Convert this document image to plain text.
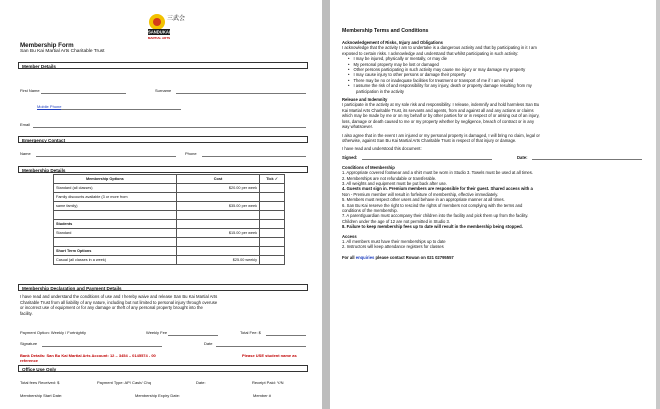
SANDUKAI
MARTIAL ARTS
三武会
Membership Form
San Bu Kai Martial Arts Charitable Trust
Member Details
First Name	Surname
Mobile Phone
Email
Emergency Contact
Name	Phone
Membership Details
Membership Options	Cost	Tick ✓
Standard (all classes)	$20.00 per week	
Family discounts available (3 or more from		
same family)	$35.00 per week	

Students		
Standard	$15.00 per week	

Short Term Options		
Casual (all classes in a week)	$25.00 weekly	
Membership Declaration and Payment Details
I have read and understand the conditions of use and I hereby waive and release San Bu Kai Martial Arts
Charitable Trust from all liability of any nature, including but not limited to personal injury through overuse
or incorrect use of equipment or for any damage or theft of any personal property brought into the
facility.
Payment Option: Weekly / Fortnightly	Weekly Fee	Total Fee: $
Signature	Date
Bank Details: San Bu Kai Martial Arts Account: 12 – 3454 – 0145574 - 00	Please USE student name as
reference
Office Use Only
Total fees Received: $	Payment Type: AP/ Cash/ Chq	Date:	Receipt Paid: Y/N
Membership Start Date:	Membership Expiry Date:	Member #
Membership Terms and Conditions
Acknowledgement of Risks, Injury and Obligations
I acknowledge that the activity I am to undertake is a dangerous activity and that by participating in it I am
exposed to certain risks. I acknowledge and understand that whilst participating in such activity:
• I may be injured, physically or mentally, or may die
• My personal property may be lost or damaged
• Other persons participating in such activity may cause me injury or may damage my property
• I may cause injury to other persons or damage their property
• There may be no or inadequate facilities for treatment or transport of me if I am injured
• I assume the risk of and responsibility for any injury, death or property damage resulting from my
participation in the activity
Release and Indemnity
I participate in the activity at my sole risk and responsibility. I release, indemnify and hold harmless San Bu
Kai Martial Arts Charitable Trust, its servants and agents, from and against all and any actions or claims
which may be made by me or on my behalf or by other parties for or in respect of or arising out of an injury,
loss, damage or death caused to me or my property whether by negligence, breach of contract or in any
way whatsoever.
I also agree that in the event I am injured or my personal property is damaged, I will bring no claim, legal or
otherwise, against San Bu Kai Martial Arts Charitable Trust in respect of that injury or damage.
I have read and understood this document:
Signed:	Date:
Conditions of Membership
1. Appropriate covered footwear and a shirt must be worn in Studio 3. Towels must be used at all times.
2. Memberships are not refundable or transferable.
3. All weights and equipment must be put back after use.
4. Guests must sign in. Premium members are responsible for their guest. Shared access with a
Non - Premium member will result in forfeiture of membership, effective immediately.
5. Members must respect other users and behave in an appropriate manner at all times.
6. San Bu Kai reserve the right to rescind the rights of members not complying with the terms and
conditions of the membership.
7. A parent/guardian must accompany their children into the facility and pick them up from the facility.
Children under the age of 12 are not permitted in Studio 3.
8. Failure to keep membership fees up to date will result in the membership being stopped.
Access
1. All members must have their memberships up to date
2. Instructors will keep attendance registers for classes
For all enquiries please contact Rowan on 021 02795557
